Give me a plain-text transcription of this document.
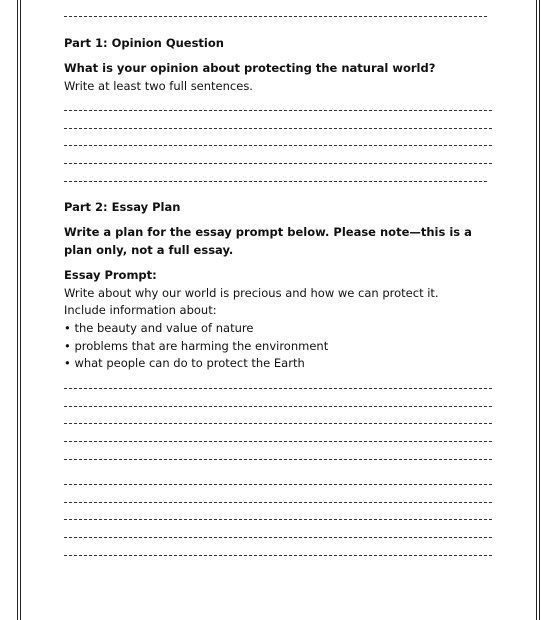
Part 1: Opinion Question
What is your opinion about protecting the natural world?
Write at least two full sentences.
Part 2: Essay Plan
Write a plan for the essay prompt below. Please note—this is a plan only, not a full essay.
Essay Prompt:
Write about why our world is precious and how we can protect it.
Include information about:
• the beauty and value of nature
• problems that are harming the environment
• what people can do to protect the Earth
